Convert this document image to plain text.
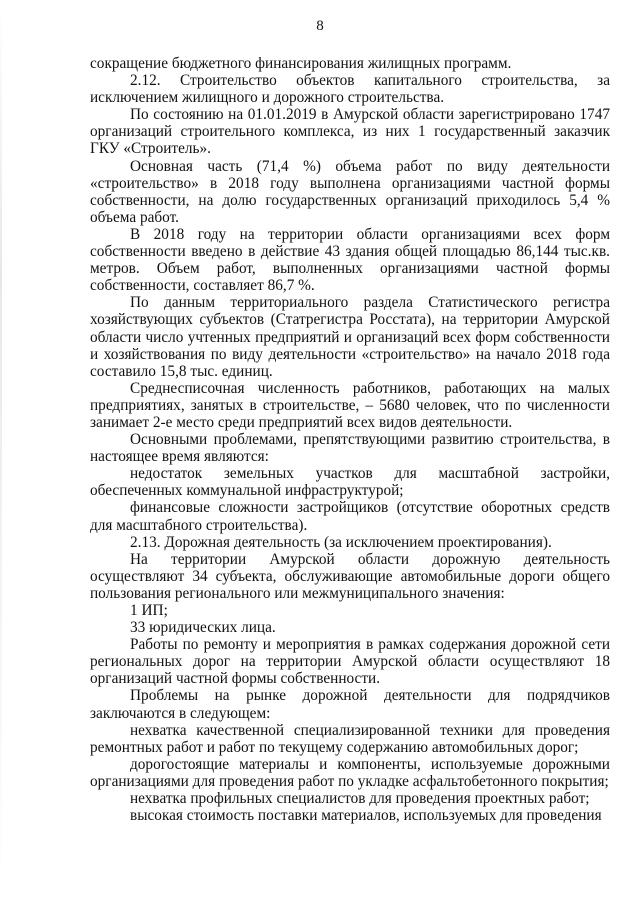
8

сокращение бюджетного финансирования жилищных программ.

2.12. Строительство объектов капитального строительства, за исключением жилищного и дорожного строительства.

По состоянию на 01.01.2019 в Амурской области зарегистрировано 1747 организаций строительного комплекса, из них 1 государственный заказчик ГКУ «Строитель».

Основная часть (71,4 %) объема работ по виду деятельности «строительство» в 2018 году выполнена организациями частной формы собственности, на долю государственных организаций приходилось 5,4 % объема работ.

В 2018 году на территории области организациями всех форм собственности введено в действие 43 здания общей площадью 86,144 тыс.кв. метров. Объем работ, выполненных организациями частной формы собственности, составляет 86,7 %.

По данным территориального раздела Статистического регистра хозяйствующих субъектов (Статрегистра Росстата), на территории Амурской области число учтенных предприятий и организаций всех форм собственности и хозяйствования по виду деятельности «строительство» на начало 2018 года составило 15,8 тыс. единиц.

Среднесписочная численность работников, работающих на малых предприятиях, занятых в строительстве, – 5680 человек, что по численности занимает 2-е место среди предприятий всех видов деятельности.

Основными проблемами, препятствующими развитию строительства, в настоящее время являются:

недостаток земельных участков для масштабной застройки, обеспеченных коммунальной инфраструктурой;

финансовые сложности застройщиков (отсутствие оборотных средств для масштабного строительства).

2.13. Дорожная деятельность (за исключением проектирования).

На территории Амурской области дорожную деятельность осуществляют 34 субъекта, обслуживающие автомобильные дороги общего пользования регионального или межмуниципального значения:

1 ИП;

33 юридических лица.

Работы по ремонту и мероприятия в рамках содержания дорожной сети региональных дорог на территории Амурской области осуществляют 18 организаций частной формы собственности.

Проблемы на рынке дорожной деятельности для подрядчиков заключаются в следующем:

нехватка качественной специализированной техники для проведения ремонтных работ и работ по текущему содержанию автомобильных дорог;

дорогостоящие материалы и компоненты, используемые дорожными организациями для проведения работ по укладке асфальтобетонного покрытия;

нехватка профильных специалистов для проведения проектных работ;

высокая стоимость поставки материалов, используемых для проведения
